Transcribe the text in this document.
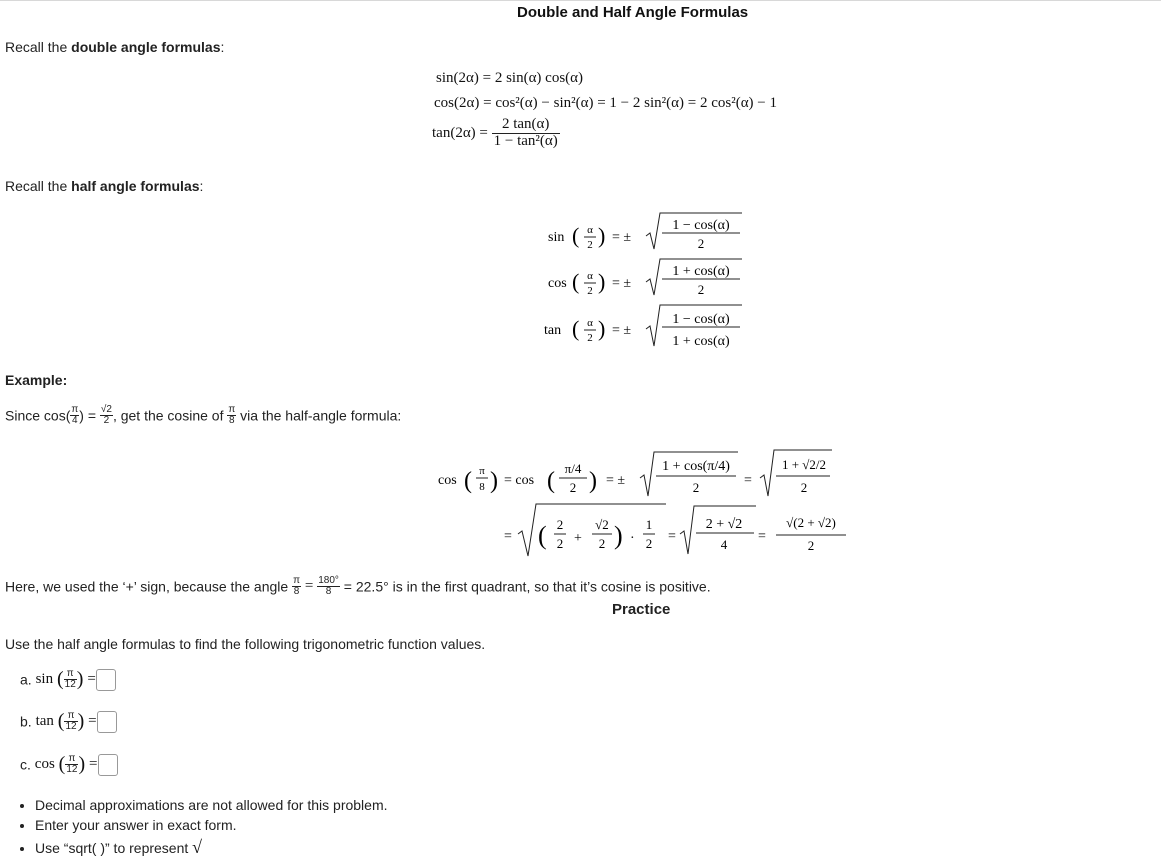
Double and Half Angle Formulas
Recall the double angle formulas:
sin(2α) = 2 sin(α) cos(α)
cos(2α) = cos²(α) − sin²(α) = 1 − 2 sin²(α) = 2 cos²(α) − 1
$\tan(2\alpha) = \frac{2 \tan(\alpha)}{\text{1 − tan²(α)}}$
Recall the half angle formulas:
sin ( α
2 ) = ±
1 − cos(α)
2
cos ( α
2 ) = ±
1 + cos(α)
2
tan ( α
2 ) = ±
1 − cos(α)
1 + cos(α)
Example:
Since $\cos( \frac{\pi}{4}$ ) = $\frac{√2}{2}$ , get the cosine of $\frac{\pi}{8}$ via the half-angle formula:
cos ( π
8 ) = cos ( π/4
2 ) = ±
1 + cos(π/4)
2	=
1 + √2/2
2
= ( 2
2 +
√2
2 ) ·
1
2 =
2 + √2
4
=
√(2 + √2)
2
Here, we used the ‘+’ sign, because the angle $\frac{\pi}{8} = \frac{180^\circ}{8} = 22.5^\circ$ is in the first quadrant, so that it’s cosine is positive.
Practice
Use the half angle formulas to find the following trigonometric function values.
a. sin ( $\frac{\pi}{12}$ ) =
b. tan ( $\frac{\pi}{12}$ ) =
c. cos ( $\frac{\pi}{12}$ ) =
• Decimal approximations are not allowed for this problem.
• Enter your answer in exact form.
• Use “sqrt( )” to represent √
